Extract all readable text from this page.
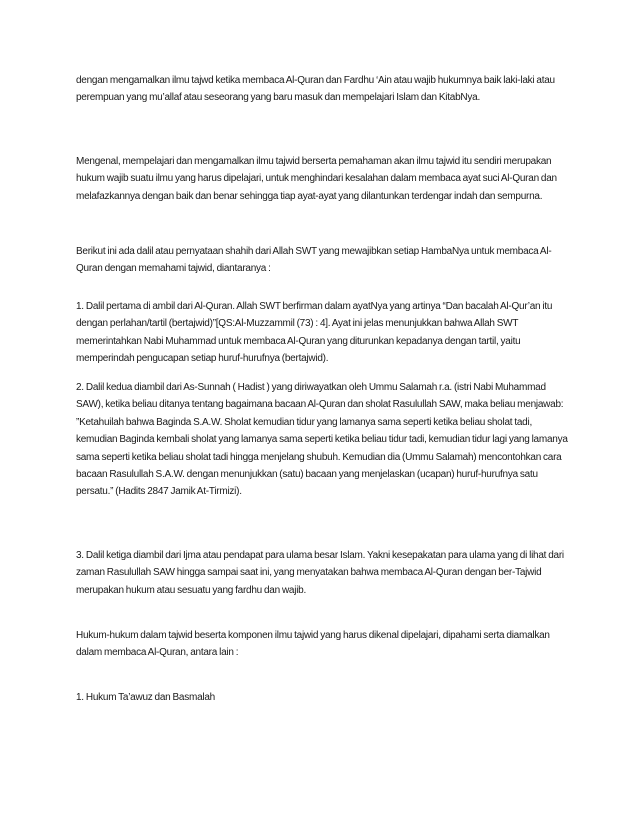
dengan mengamalkan ilmu tajwd ketika membaca Al-Quran dan Fardhu ‘Ain atau wajib hukumnya baik laki-laki atau perempuan yang mu’allaf atau seseorang yang baru masuk dan mempelajari Islam dan KitabNya.

Mengenal, mempelajari dan mengamalkan ilmu tajwid berserta pemahaman akan ilmu tajwid itu sendiri merupakan hukum wajib suatu ilmu yang harus dipelajari, untuk menghindari kesalahan dalam membaca ayat suci Al-Quran dan melafazkannya dengan baik dan benar sehingga tiap ayat-ayat yang dilantunkan terdengar indah dan sempurna.

Berikut ini ada dalil atau pernyataan shahih dari Allah SWT yang mewajibkan setiap HambaNya untuk membaca Al-Quran dengan memahami tajwid, diantaranya :

1. Dalil pertama di ambil dari Al-Quran. Allah SWT berfirman dalam ayatNya yang artinya “Dan bacalah Al-Qur’an itu dengan perlahan/tartil (bertajwid)”[QS:Al-Muzzammil (73) : 4]. Ayat ini jelas menunjukkan bahwa Allah SWT memerintahkan Nabi Muhammad untuk membaca Al-Quran yang diturunkan kepadanya dengan tartil, yaitu memperindah pengucapan setiap huruf-hurufnya (bertajwid).

2. Dalil kedua diambil dari As-Sunnah ( Hadist ) yang diriwayatkan oleh Ummu Salamah r.a. (istri Nabi Muhammad SAW), ketika beliau ditanya tentang bagaimana bacaan Al-Quran dan sholat Rasulullah SAW, maka beliau menjawab: ”Ketahuilah bahwa Baginda S.A.W. Sholat kemudian tidur yang lamanya sama seperti ketika beliau sholat tadi, kemudian Baginda kembali sholat yang lamanya sama seperti ketika beliau tidur tadi, kemudian tidur lagi yang lamanya sama seperti ketika beliau sholat tadi hingga menjelang shubuh. Kemudian dia (Ummu Salamah) mencontohkan cara bacaan Rasulullah S.A.W. dengan menunjukkan (satu) bacaan yang menjelaskan (ucapan) huruf-hurufnya satu persatu.” (Hadits 2847 Jamik At-Tirmizi).

3. Dalil ketiga diambil dari Ijma atau pendapat para ulama besar Islam. Yakni kesepakatan para ulama yang di lihat dari zaman Rasulullah SAW hingga sampai saat ini, yang menyatakan bahwa membaca Al-Quran dengan ber-Tajwid merupakan hukum atau sesuatu yang fardhu dan wajib.

Hukum-hukum dalam tajwid beserta komponen ilmu tajwid yang harus dikenal dipelajari, dipahami serta diamalkan dalam membaca Al-Quran, antara lain :

1. Hukum Ta’awuz dan Basmalah
